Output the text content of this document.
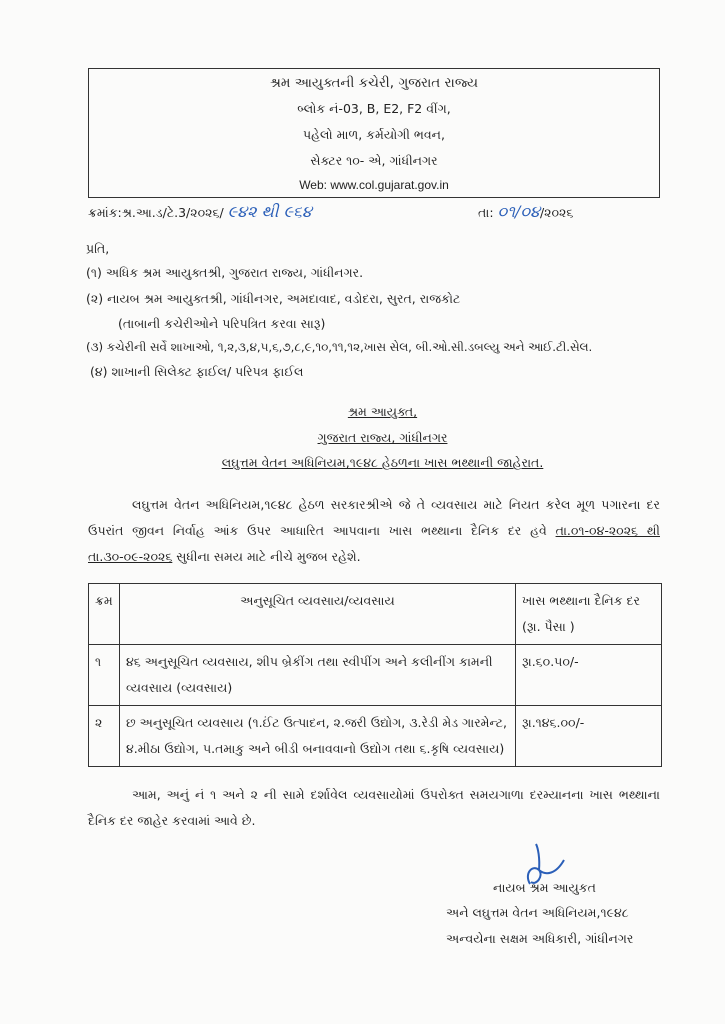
શ્રમ આયુક્તની કચેરી, ગુજરાત રાજ્ય
બ્લોક નં-03, B, E2, F2 વીંગ,
પહેલો માળ, કર્મયોગી ભવન,
સેક્ટર ૧૦- એ, ગાંધીનગર
Web: www.col.gujarat.gov.in
ક્રમાંક:શ્ર.આ.ડ/ટે.3/૨૦૨૬/ ૯૪૨ થી ૯૬૪	તા: ૦૧/૦૪/૨૦૨૬
પ્રતિ,
(૧) અધિક શ્રમ આયુક્તશ્રી, ગુજરાત રાજ્ય, ગાંધીનગર.
(૨) નાયબ શ્રમ આયુક્તશ્રી, ગાંધીનગર, અમદાવાદ, વડોદરા, સુરત, રાજકોટ
(તાબાની કચેરીઓને પરિપત્રિત કરવા સારૂ)
(૩) કચેરીની સર્વે શાખાઓ, ૧,૨,૩,૪,૫,૬,૭,૮,૯,૧૦,૧૧,૧૨,ખાસ સેલ, બી.ઓ.સી.ડબલ્યુ અને આઈ.ટી.સેલ.
(૪) શાખાની સિલેક્ટ ફાઈલ/ પરિપત્ર ફાઈલ
શ્રમ આયુક્ત,
ગુજરાત રાજ્ય, ગાંધીનગર
લઘુત્તમ વેતન અધિનિયમ,૧૯૪૮ હેઠળના ખાસ ભથ્થાની જાહેરાત.
લઘુત્તમ વેતન અધિનિયમ,૧૯૪૮ હેઠળ સરકારશ્રીએ જે તે વ્યવસાય માટે નિયત કરેલ મૂળ પગારના દર ઉપરાંત જીવન નિર્વાહ આંક ઉપર આધારિત આપવાના ખાસ ભથ્થાના દૈનિક દર હવે તા.૦૧-૦૪-૨૦૨૬ થી તા.૩૦-૦૯-૨૦૨૬ સુધીના સમય માટે નીચે મુજબ રહેશે.
ક્રમ	અનુસૂચિત વ્યવસાય/વ્યવસાય	ખાસ ભથ્થાના દૈનિક દર (રૂા. પૈસા )
૧	૪૬ અનુસૂચિત વ્યવસાય, શીપ બ્રેકીંગ તથા સ્વીપીંગ અને કલીનીંગ કામની વ્યવસાય (વ્યવસાય)	રૂા.૬૦.૫૦/-
૨	છ અનુસૂચિત વ્યવસાય (૧.ઈંટ ઉત્પાદન, ૨.જરી ઉદ્યોગ, ૩.રેડી મેડ ગારમેન્ટ, ૪.મીઠા ઉદ્યોગ, ૫.તમાકુ અને બીડી બનાવવાનો ઉદ્યોગ તથા ૬.કૃષિ વ્યવસાય)	રૂા.૧૪૬.૦૦/-
આમ, અનું નં ૧ અને ૨ ની સામે દર્શાવેલ વ્યવસાયોમાં ઉપરોક્ત સમયગાળા દરમ્યાનના ખાસ ભથ્થાના દૈનિક દર જાહેર કરવામાં આવે છે.
નાયબ શ્રમ આયુકત
અને લઘુત્તમ વેતન અધિનિયમ,૧૯૪૮
અન્વયેના સક્ષમ અધિકારી, ગાંધીનગર
